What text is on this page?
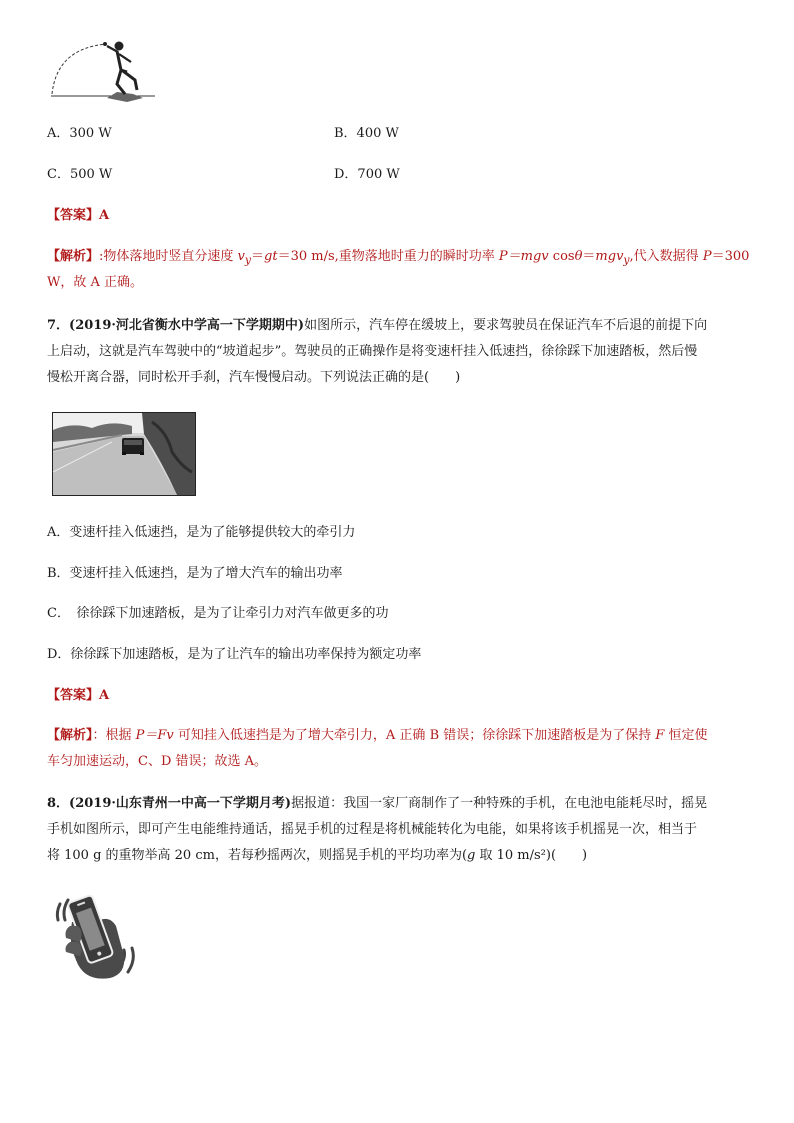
A．300 W	B．400 W
C．500 W	D．700 W
【答案】A
【解析】:物体落地时竖直分速度 $v_y=gt=30$ m/s,重物落地时重力的瞬时功率 P＝mgv cosθ＝mgv$_y$,代入数据得 P＝300
W，故 A 正确。
7．(2019·河北省衡水中学高一下学期期中)如图所示，汽车停在缓坡上，要求驾驶员在保证汽车不后退的前提下向
上启动，这就是汽车驾驶中的“坡道起步”。驾驶员的正确操作是将变速杆挂入低速挡，徐徐踩下加速踏板，然后慢
慢松开离合器，同时松开手刹，汽车慢慢启动。下列说法正确的是(　　)
A．变速杆挂入低速挡，是为了能够提供较大的牵引力
B．变速杆挂入低速挡，是为了增大汽车的输出功率
C．　徐徐踩下加速踏板，是为了让牵引力对汽车做更多的功
D．徐徐踩下加速踏板，是为了让汽车的输出功率保持为额定功率
【答案】A
【解析】：根据 P＝Fv 可知挂入低速挡是为了增大牵引力，A 正确 B 错误；徐徐踩下加速踏板是为了保持 F 恒定使
车匀加速运动，C、D 错误；故选 A。
8．(2019·山东青州一中高一下学期月考)据报道：我国一家厂商制作了一种特殊的手机，在电池电能耗尽时，摇晃
手机如图所示，即可产生电能维持通话，摇晃手机的过程是将机械能转化为电能，如果将该手机摇晃一次，相当于
将 100 g 的重物举高 20 cm，若每秒摇两次，则摇晃手机的平均功率为(g 取 10 m/s²)(　　)
